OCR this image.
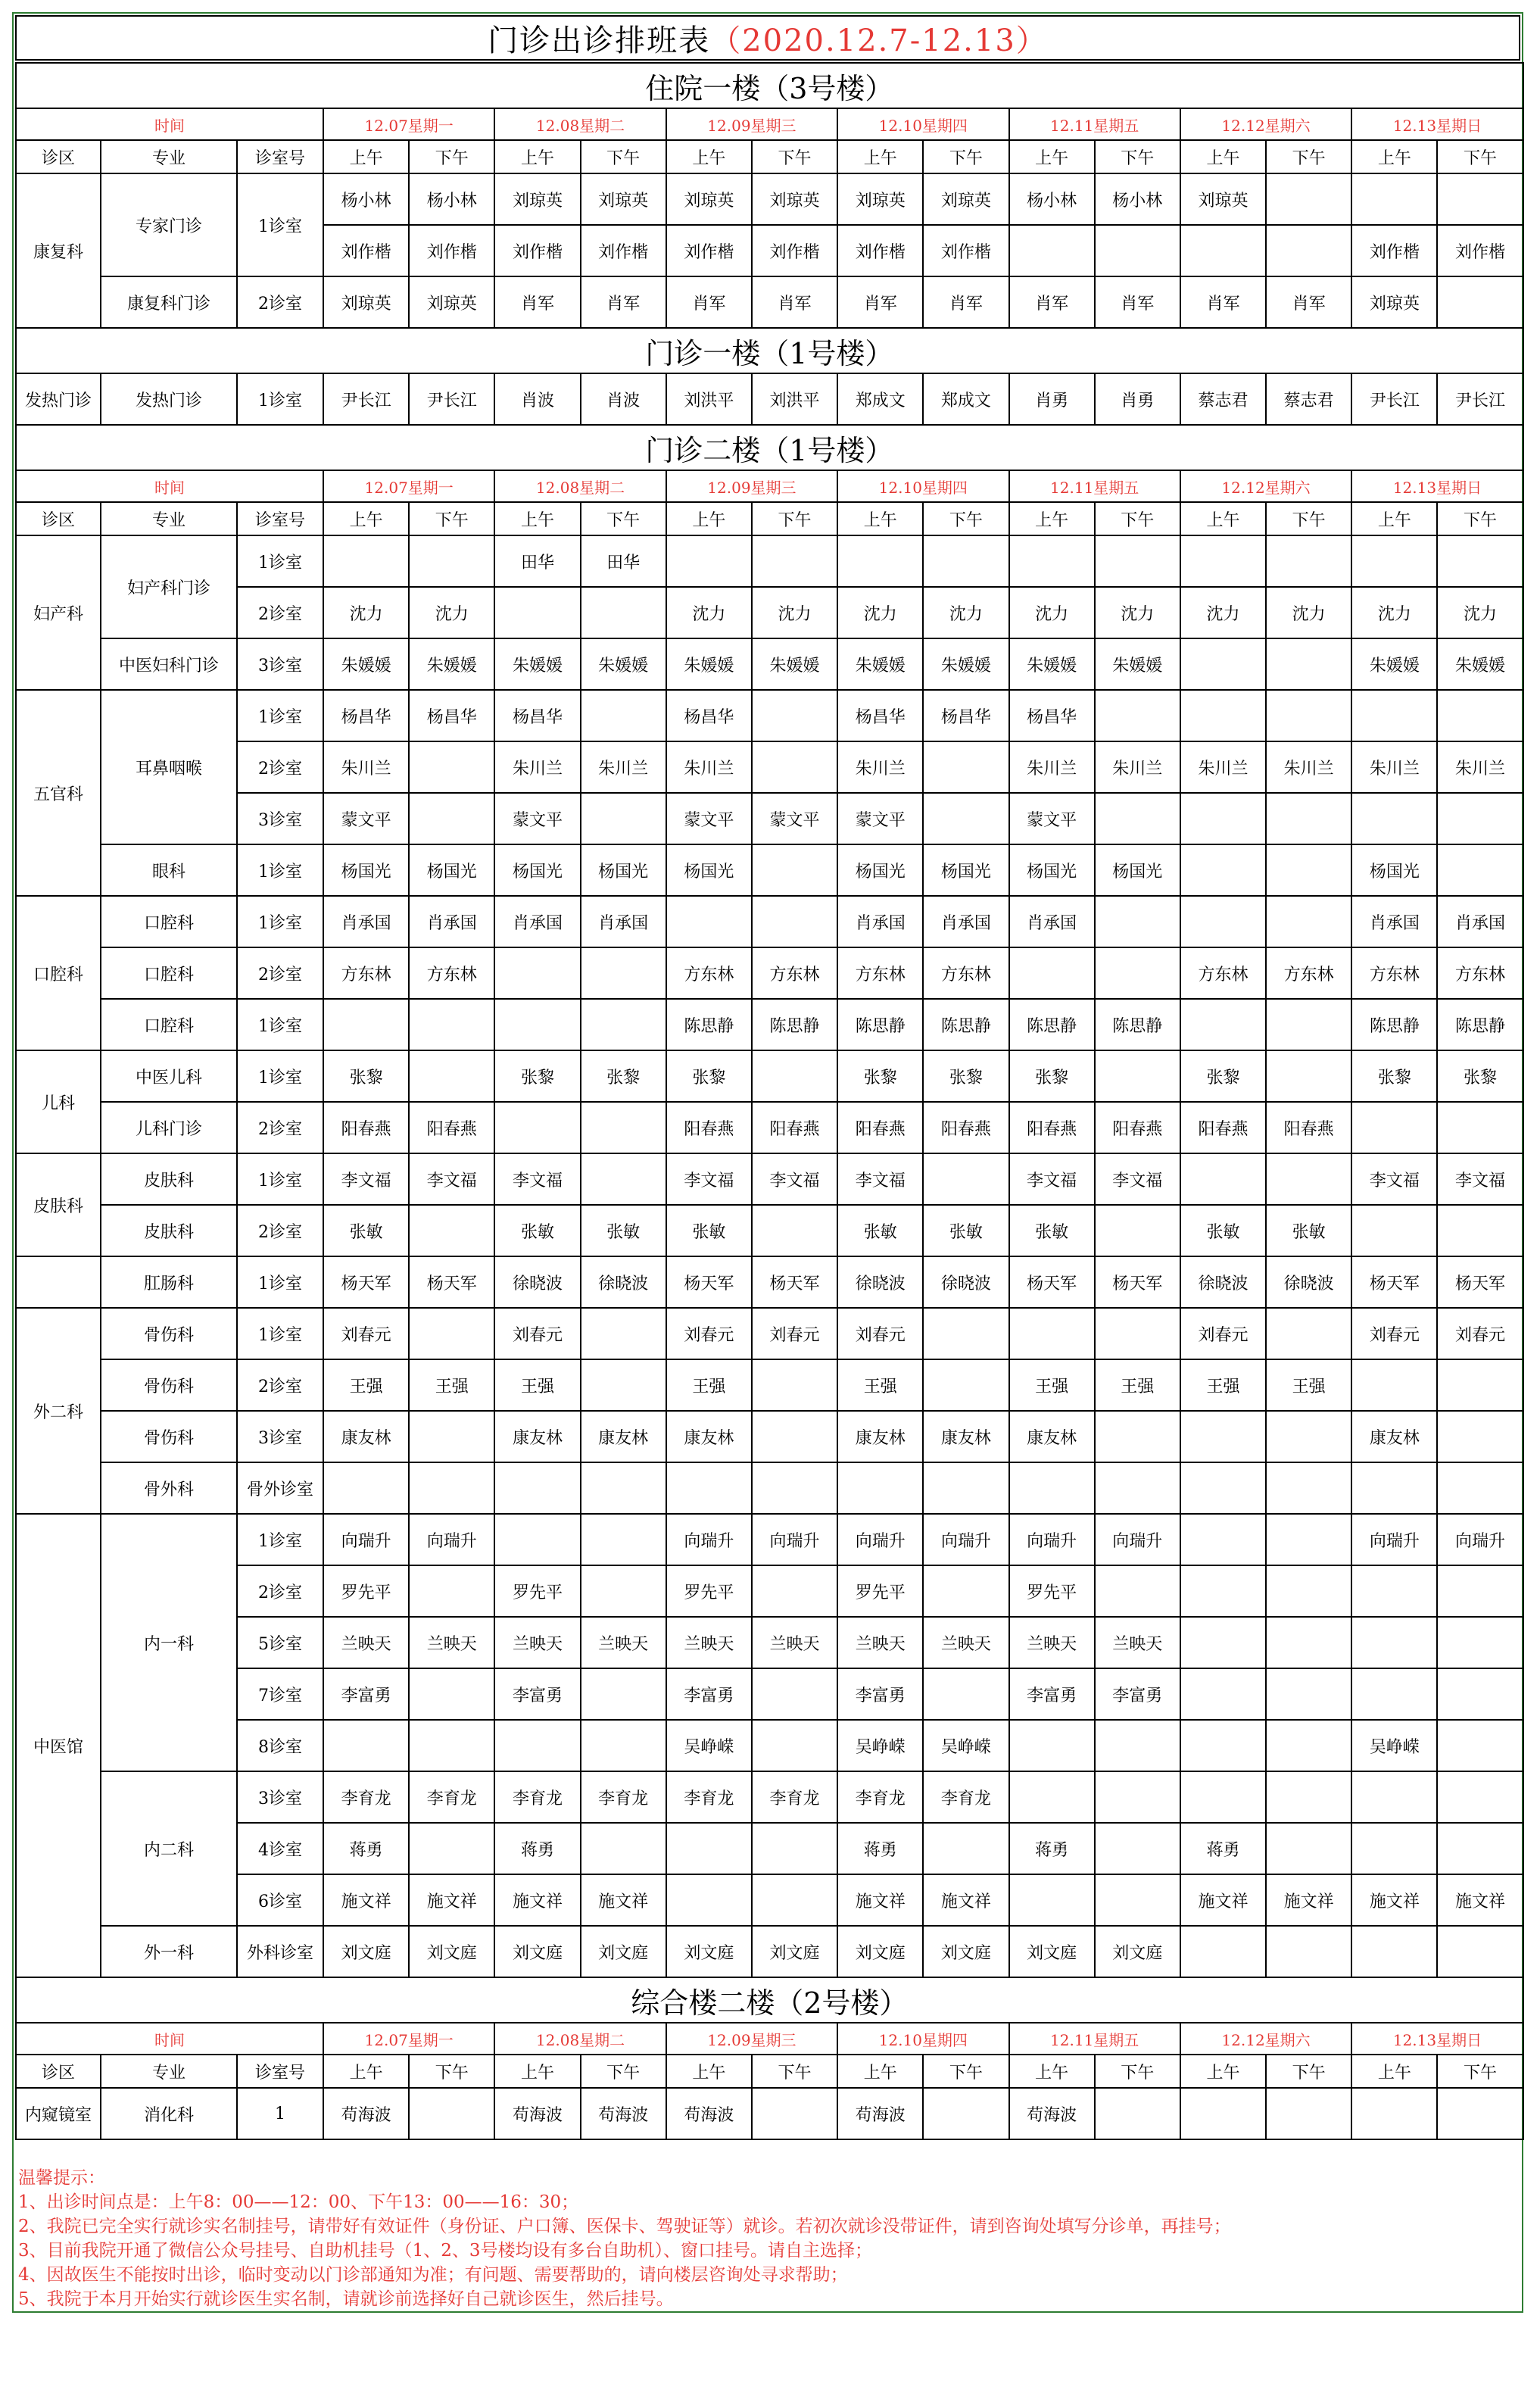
门诊出诊排班表 （2020.12.7-12.13）
住院一楼（3号楼）																
时间			12.07星期一		12.08星期二		12.09星期三		12.10星期四		12.11星期五		12.12星期六		12.13星期日	
诊区	专业	诊室号	上午	下午	上午	下午	上午	下午	上午	下午	上午	下午	上午	下午	上午	下午
康复科	专家门诊	1诊室	杨小林	杨小林	刘琼英	刘琼英	刘琼英	刘琼英	刘琼英	刘琼英	杨小林	杨小林	刘琼英			
			刘作楷	刘作楷	刘作楷	刘作楷	刘作楷	刘作楷	刘作楷	刘作楷					刘作楷	刘作楷
	康复科门诊	2诊室	刘琼英	刘琼英	肖军	肖军	肖军	肖军	肖军	肖军	肖军	肖军	肖军	肖军	刘琼英	
门诊一楼（1号楼）																
发热门诊	发热门诊	1诊室	尹长江	尹长江	肖波	肖波	刘洪平	刘洪平	郑成文	郑成文	肖勇	肖勇	蔡志君	蔡志君	尹长江	尹长江
门诊二楼（1号楼）																
时间			12.07星期一		12.08星期二		12.09星期三		12.10星期四		12.11星期五		12.12星期六		12.13星期日	
诊区	专业	诊室号	上午	下午	上午	下午	上午	下午	上午	下午	上午	下午	上午	下午	上午	下午
妇产科	妇产科门诊	1诊室			田华	田华										
		2诊室	沈力	沈力			沈力	沈力	沈力	沈力	沈力	沈力	沈力	沈力	沈力	沈力
	中医妇科门诊	3诊室	朱媛媛	朱媛媛	朱媛媛	朱媛媛	朱媛媛	朱媛媛	朱媛媛	朱媛媛	朱媛媛	朱媛媛			朱媛媛	朱媛媛
五官科	耳鼻咽喉	1诊室	杨昌华	杨昌华	杨昌华		杨昌华		杨昌华	杨昌华	杨昌华					
		2诊室	朱川兰		朱川兰	朱川兰	朱川兰		朱川兰		朱川兰	朱川兰	朱川兰	朱川兰	朱川兰	朱川兰
		3诊室	蒙文平		蒙文平		蒙文平	蒙文平	蒙文平		蒙文平					
	眼科	1诊室	杨国光	杨国光	杨国光	杨国光	杨国光		杨国光	杨国光	杨国光	杨国光			杨国光	
口腔科	口腔科	1诊室	肖承国	肖承国	肖承国	肖承国			肖承国	肖承国	肖承国				肖承国	肖承国
	口腔科	2诊室	方东林	方东林			方东林	方东林	方东林	方东林			方东林	方东林	方东林	方东林
	口腔科	1诊室					陈思静	陈思静	陈思静	陈思静	陈思静	陈思静			陈思静	陈思静
儿科	中医儿科	1诊室	张黎		张黎	张黎	张黎		张黎	张黎	张黎		张黎		张黎	张黎
	儿科门诊	2诊室	阳春燕	阳春燕			阳春燕	阳春燕	阳春燕	阳春燕	阳春燕	阳春燕	阳春燕	阳春燕		
皮肤科	皮肤科	1诊室	李文福	李文福	李文福		李文福	李文福	李文福		李文福	李文福			李文福	李文福
	皮肤科	2诊室	张敏		张敏	张敏	张敏		张敏	张敏	张敏		张敏	张敏		
	肛肠科	1诊室	杨天军	杨天军	徐晓波	徐晓波	杨天军	杨天军	徐晓波	徐晓波	杨天军	杨天军	徐晓波	徐晓波	杨天军	杨天军
外二科	骨伤科	1诊室	刘春元		刘春元		刘春元	刘春元	刘春元				刘春元		刘春元	刘春元
	骨伤科	2诊室	王强	王强	王强		王强		王强		王强	王强	王强	王强		
	骨伤科	3诊室	康友林		康友林	康友林	康友林		康友林	康友林	康友林				康友林	
	骨外科	骨外诊室														
中医馆	内一科	1诊室	向瑞升	向瑞升			向瑞升	向瑞升	向瑞升	向瑞升	向瑞升	向瑞升			向瑞升	向瑞升
		2诊室	罗先平		罗先平		罗先平		罗先平		罗先平					
		5诊室	兰映天	兰映天	兰映天	兰映天	兰映天	兰映天	兰映天	兰映天	兰映天	兰映天				
		7诊室	李富勇		李富勇		李富勇		李富勇		李富勇	李富勇				
		8诊室					吴峥嵘		吴峥嵘	吴峥嵘					吴峥嵘	
	内二科	3诊室	李育龙	李育龙	李育龙	李育龙	李育龙	李育龙	李育龙	李育龙						
		4诊室	蒋勇		蒋勇				蒋勇		蒋勇		蒋勇			
		6诊室	施文祥	施文祥	施文祥	施文祥			施文祥	施文祥			施文祥	施文祥	施文祥	施文祥
	外一科	外科诊室	刘文庭	刘文庭	刘文庭	刘文庭	刘文庭	刘文庭	刘文庭	刘文庭	刘文庭	刘文庭				
综合楼二楼（2号楼）																
时间			12.07星期一		12.08星期二		12.09星期三		12.10星期四		12.11星期五		12.12星期六		12.13星期日	
诊区	专业	诊室号	上午	下午	上午	下午	上午	下午	上午	下午	上午	下午	上午	下午	上午	下午
内窥镜室	消化科	1	苟海波		苟海波	苟海波	苟海波		苟海波		苟海波					
温馨提示：
1、出诊时间点是：上午8：00——12：00、下午13：00——16：30；
2、我院已完全实行就诊实名制挂号，请带好有效证件（身份证、户口簿、医保卡、驾驶证等）就诊。若初次就诊没带证件，请到咨询处填写分诊单，再挂号；
3、目前我院开通了微信公众号挂号、自助机挂号（1、2、3号楼均设有多台自助机）、窗口挂号。请自主选择；
4、因故医生不能按时出诊，临时变动以门诊部通知为准；有问题、需要帮助的，请向楼层咨询处寻求帮助；
5、我院于本月开始实行就诊医生实名制，请就诊前选择好自己就诊医生，然后挂号。
